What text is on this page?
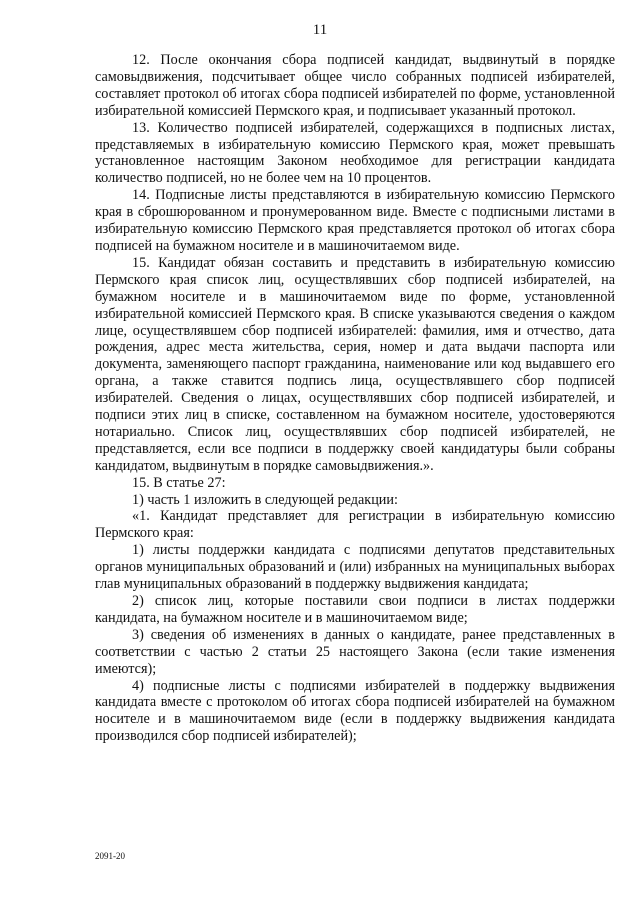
11

12. После окончания сбора подписей кандидат, выдвинутый в порядке самовыдвижения, подсчитывает общее число собранных подписей избирателей, составляет протокол об итогах сбора подписей избирателей по форме, установленной избирательной комиссией Пермского края, и подписывает указанный протокол.

13. Количество подписей избирателей, содержащихся в подписных листах, представляемых в избирательную комиссию Пермского края, может превышать установленное настоящим Законом необходимое для регистрации кандидата количество подписей, но не более чем на 10 процентов.

14. Подписные листы представляются в избирательную комиссию Пермского края в сброшюрованном и пронумерованном виде. Вместе с подписными листами в избирательную комиссию Пермского края представляется протокол об итогах сбора подписей на бумажном носителе и в машиночитаемом виде.

15. Кандидат обязан составить и представить в избирательную комиссию Пермского края список лиц, осуществлявших сбор подписей избирателей, на бумажном носителе и в машиночитаемом виде по форме, установленной избирательной комиссией Пермского края. В списке указываются сведения о каждом лице, осуществлявшем сбор подписей избирателей: фамилия, имя и отчество, дата рождения, адрес места жительства, серия, номер и дата выдачи паспорта или документа, заменяющего паспорт гражданина, наименование или код выдавшего его органа, а также ставится подпись лица, осуществлявшего сбор подписей избирателей. Сведения о лицах, осуществлявших сбор подписей избирателей, и подписи этих лиц в списке, составленном на бумажном носителе, удостоверяются нотариально. Список лиц, осуществлявших сбор подписей избирателей, не представляется, если все подписи в поддержку своей кандидатуры были собраны кандидатом, выдвинутым в порядке самовыдвижения.».

15. В статье 27:

1) часть 1 изложить в следующей редакции:

«1. Кандидат представляет для регистрации в избирательную комиссию Пермского края:

1) листы поддержки кандидата с подписями депутатов представительных органов муниципальных образований и (или) избранных на муниципальных выборах глав муниципальных образований в поддержку выдвижения кандидата;

2) список лиц, которые поставили свои подписи в листах поддержки кандидата, на бумажном носителе и в машиночитаемом виде;

3) сведения об изменениях в данных о кандидате, ранее представленных в соответствии с частью 2 статьи 25 настоящего Закона (если такие изменения имеются);

4) подписные листы с подписями избирателей в поддержку выдвижения кандидата вместе с протоколом об итогах сбора подписей избирателей на бумажном носителе и в машиночитаемом виде (если в поддержку выдвижения кандидата производился сбор подписей избирателей);

2091-20
